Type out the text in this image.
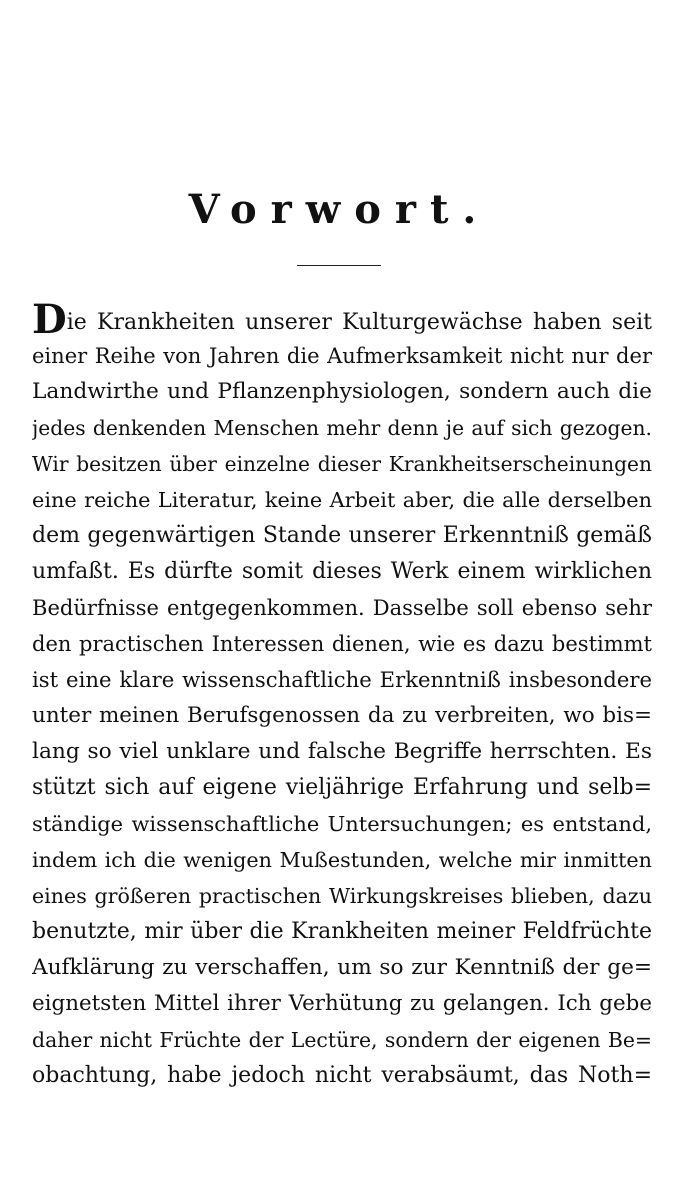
Vorwort.
Die Krankheiten unserer Kulturgewächse haben seit
einer Reihe von Jahren die Aufmerksamkeit nicht nur der
Landwirthe und Pflanzenphysiologen, sondern auch die
jedes denkenden Menschen mehr denn je auf sich gezogen.
Wir besitzen über einzelne dieser Krankheitserscheinungen
eine reiche Literatur, keine Arbeit aber, die alle derselben
dem gegenwärtigen Stande unserer Erkenntniß gemäß
umfaßt. Es dürfte somit dieses Werk einem wirklichen
Bedürfnisse entgegenkommen. Dasselbe soll ebenso sehr
den practischen Interessen dienen, wie es dazu bestimmt
ist eine klare wissenschaftliche Erkenntniß insbesondere
unter meinen Berufsgenossen da zu verbreiten, wo bis=
lang so viel unklare und falsche Begriffe herrschten. Es
stützt sich auf eigene vieljährige Erfahrung und selb=
ständige wissenschaftliche Untersuchungen; es entstand,
indem ich die wenigen Mußestunden, welche mir inmitten
eines größeren practischen Wirkungskreises blieben, dazu
benutzte, mir über die Krankheiten meiner Feldfrüchte
Aufklärung zu verschaffen, um so zur Kenntniß der ge=
eignetsten Mittel ihrer Verhütung zu gelangen. Ich gebe
daher nicht Früchte der Lectüre, sondern der eigenen Be=
obachtung, habe jedoch nicht verabsäumt, das Noth=
